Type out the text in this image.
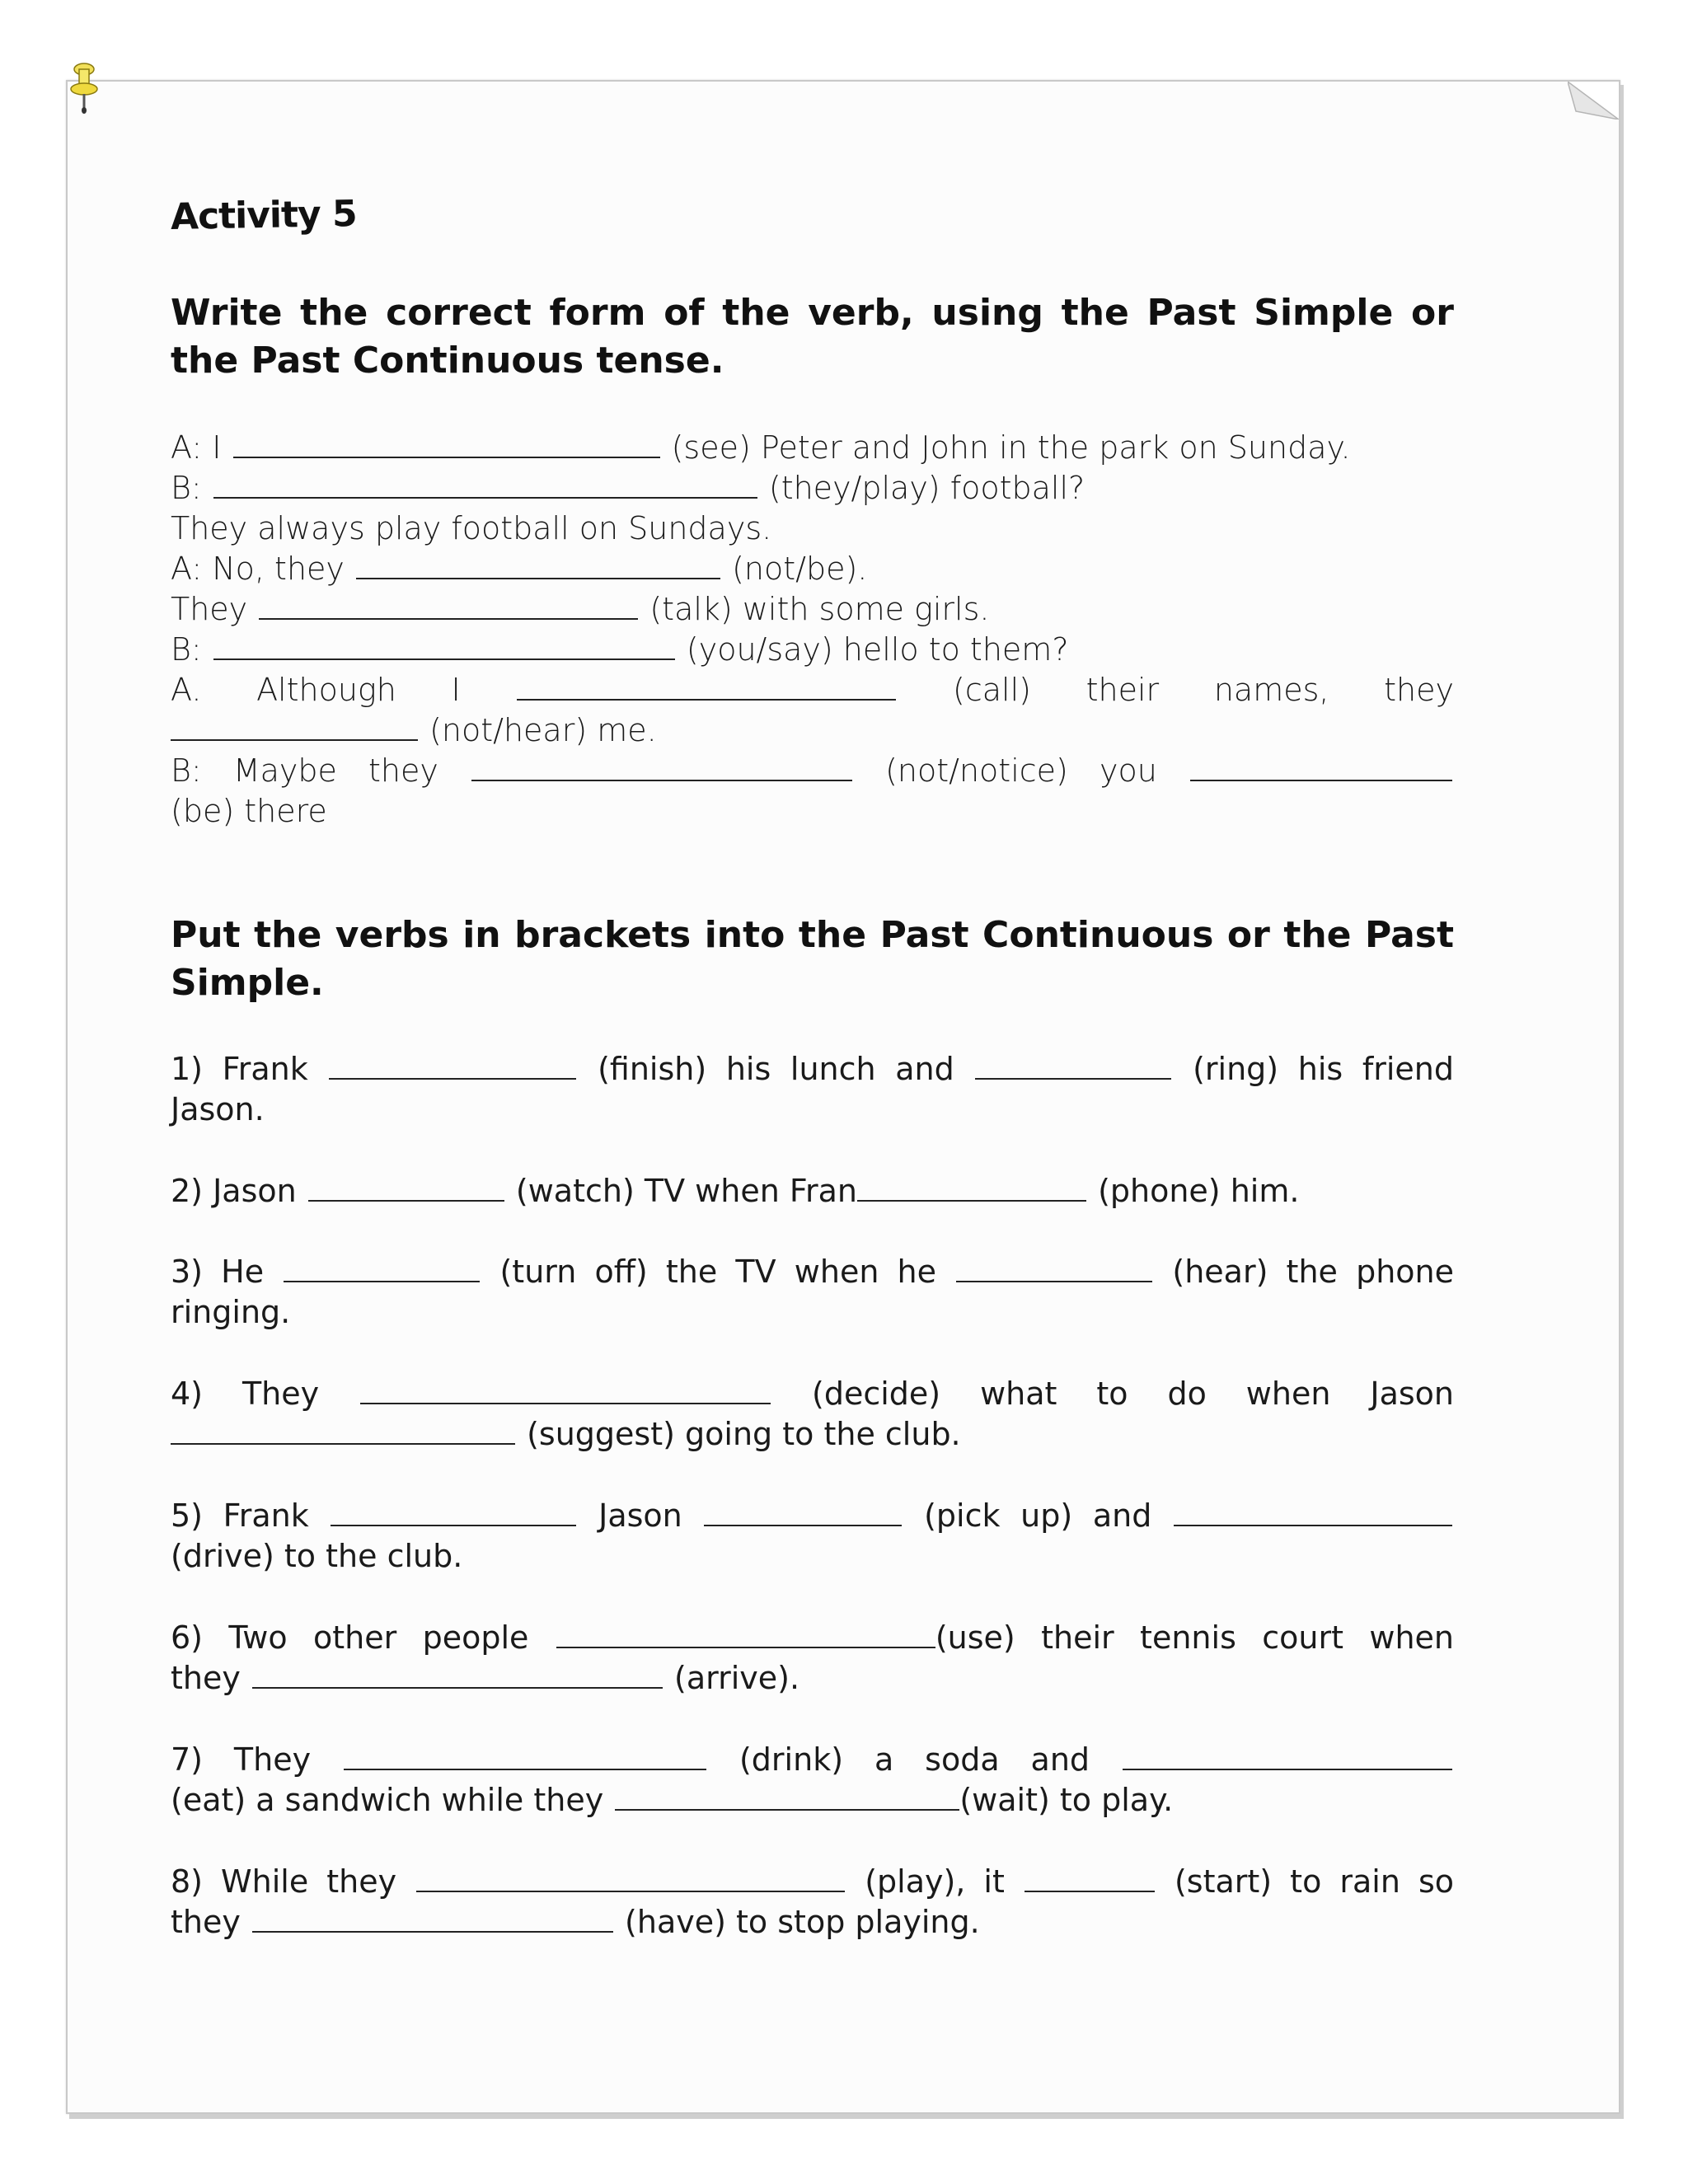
Activity 5
Write the correct form of the verb, using the Past Simple or the Past Continuous tense.
A: I	(see) Peter and John in the park on Sunday.
B:	(they/play) football?
They always play football on Sundays.
A: No, they	(not/be).
They	(talk) with some girls.
B:	(you/say) hello to them?
A. Although I	(call) their names, they
(not/hear) me.
B: Maybe they	(not/notice) you
(be) there
Put the verbs in brackets into the Past Continuous or the Past Simple.
1) Frank	(finish) his lunch and	(ring) his friend
Jason.
2) Jason	(watch) TV when Fran	(phone) him.
3) He	(turn off) the TV when he	(hear) the phone
ringing.
4) They	(decide) what to do when Jason
(suggest) going to the club.
5) Frank	Jason	(pick up) and
(drive) to the club.
6) Two other people	(use) their tennis court when
they	(arrive).
7) They	(drink) a soda and
(eat) a sandwich while they	(wait) to play.
8) While they	(play), it	(start) to rain so
they	(have) to stop playing.
